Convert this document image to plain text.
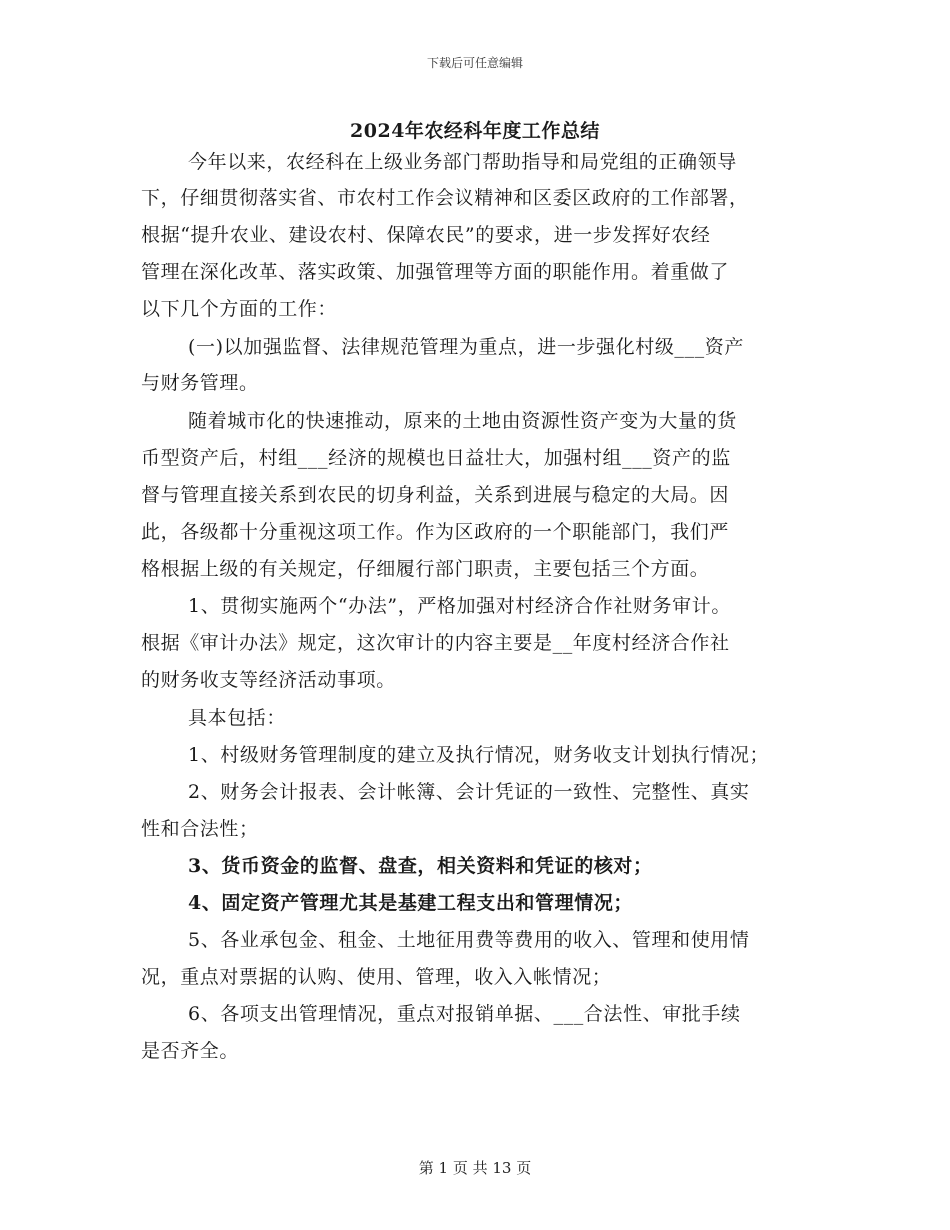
下载后可任意编辑
2024年农经科年度工作总结
今年以来，农经科在上级业务部门帮助指导和局党组的正确领导
下，仔细贯彻落实省、市农村工作会议精神和区委区政府的工作部署，
根据“提升农业、建设农村、保障农民”的要求，进一步发挥好农经
管理在深化改革、落实政策、加强管理等方面的职能作用。着重做了
以下几个方面的工作：
(一)以加强监督、法律规范管理为重点，进一步强化村级___资产
与财务管理。
随着城市化的快速推动，原来的土地由资源性资产变为大量的货
币型资产后，村组___经济的规模也日益壮大，加强村组___资产的监
督与管理直接关系到农民的切身利益，关系到进展与稳定的大局。因
此，各级都十分重视这项工作。作为区政府的一个职能部门，我们严
格根据上级的有关规定，仔细履行部门职责，主要包括三个方面。
1、贯彻实施两个“办法”，严格加强对村经济合作社财务审计。
根据《审计办法》规定，这次审计的内容主要是__年度村经济合作社
的财务收支等经济活动事项。
具本包括：
1、村级财务管理制度的建立及执行情况，财务收支计划执行情况；
2、财务会计报表、会计帐簿、会计凭证的一致性、完整性、真实
性和合法性；
3、货币资金的监督、盘查，相关资料和凭证的核对；
4、固定资产管理尤其是基建工程支出和管理情况；
5、各业承包金、租金、土地征用费等费用的收入、管理和使用情
况，重点对票据的认购、使用、管理，收入入帐情况；
6、各项支出管理情况，重点对报销单据、___合法性、审批手续
是否齐全。
第 1 页 共 13 页
